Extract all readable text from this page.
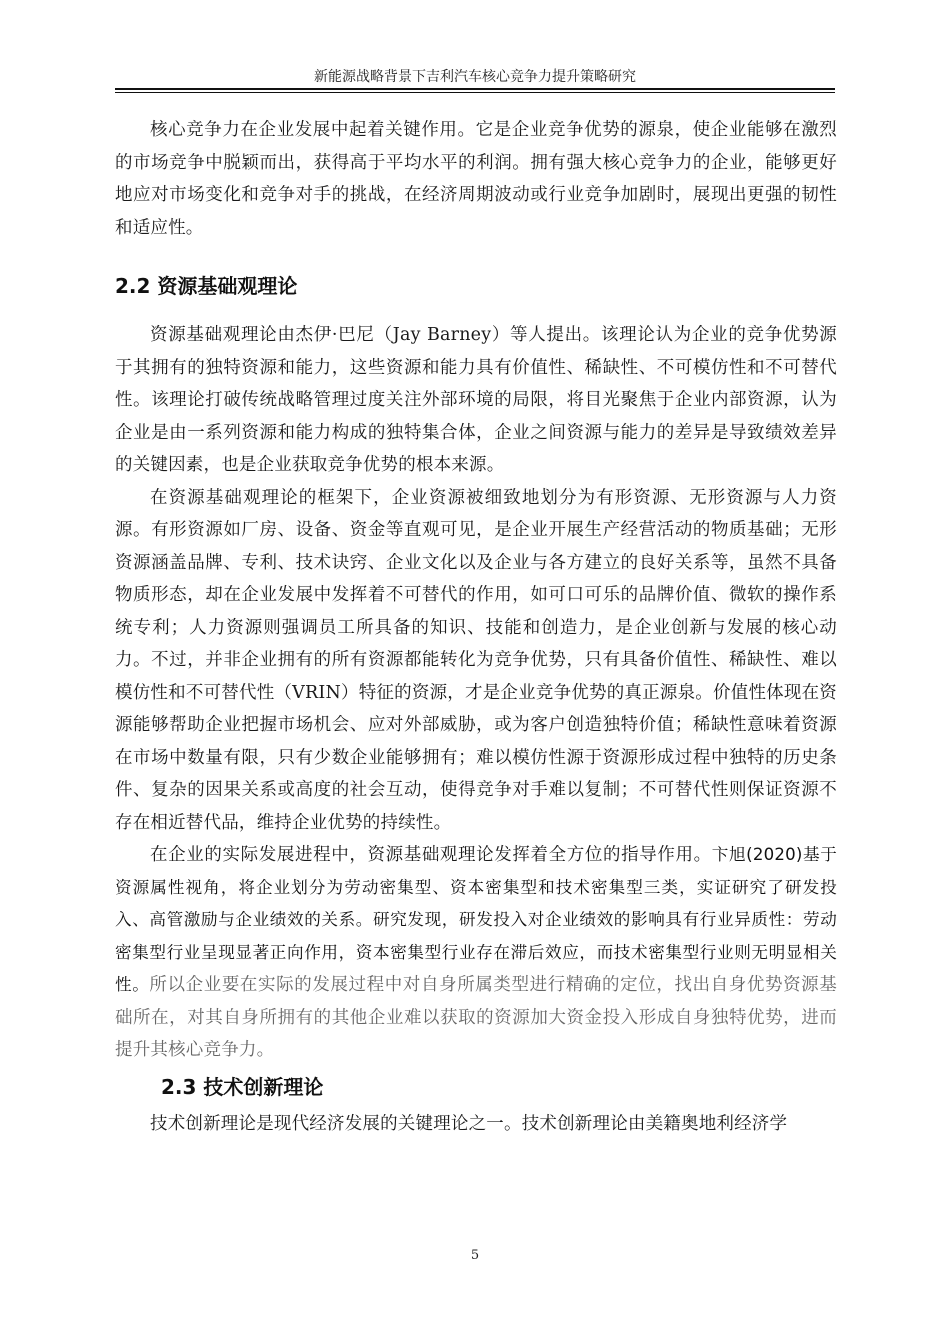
新能源战略背景下吉利汽车核心竞争力提升策略研究

核心竞争力在企业发展中起着关键作用。它是企业竞争优势的源泉，使企业能够在激烈的市场竞争中脱颖而出，获得高于平均水平的利润。拥有强大核心竞争力的企业，能够更好地应对市场变化和竞争对手的挑战，在经济周期波动或行业竞争加剧时，展现出更强的韧性和适应性。

2.2 资源基础观理论

资源基础观理论由杰伊·巴尼（Jay Barney）等人提出。该理论认为企业的竞争优势源于其拥有的独特资源和能力，这些资源和能力具有价值性、稀缺性、不可模仿性和不可替代性。该理论打破传统战略管理过度关注外部环境的局限，将目光聚焦于企业内部资源，认为企业是由一系列资源和能力构成的独特集合体，企业之间资源与能力的差异是导致绩效差异的关键因素，也是企业获取竞争优势的根本来源。

在资源基础观理论的框架下，企业资源被细致地划分为有形资源、无形资源与人力资源。有形资源如厂房、设备、资金等直观可见，是企业开展生产经营活动的物质基础；无形资源涵盖品牌、专利、技术诀窍、企业文化以及企业与各方建立的良好关系等，虽然不具备物质形态，却在企业发展中发挥着不可替代的作用，如可口可乐的品牌价值、微软的操作系统专利；人力资源则强调员工所具备的知识、技能和创造力，是企业创新与发展的核心动力。不过，并非企业拥有的所有资源都能转化为竞争优势，只有具备价值性、稀缺性、难以模仿性和不可替代性（VRIN）特征的资源，才是企业竞争优势的真正源泉。价值性体现在资源能够帮助企业把握市场机会、应对外部威胁，或为客户创造独特价值；稀缺性意味着资源在市场中数量有限，只有少数企业能够拥有；难以模仿性源于资源形成过程中独特的历史条件、复杂的因果关系或高度的社会互动，使得竞争对手难以复制；不可替代性则保证资源不存在相近替代品，维持企业优势的持续性。

在企业的实际发展进程中，资源基础观理论发挥着全方位的指导作用。卞旭(2020)基于资源属性视角，将企业划分为劳动密集型、资本密集型和技术密集型三类，实证研究了研发投入、高管激励与企业绩效的关系。研究发现，研发投入对企业绩效的影响具有行业异质性：劳动密集型行业呈现显著正向作用，资本密集型行业存在滞后效应，而技术密集型行业则无明显相关性。所以企业要在实际的发展过程中对自身所属类型进行精确的定位，找出自身优势资源基础所在，对其自身所拥有的其他企业难以获取的资源加大资金投入形成自身独特优势，进而提升其核心竞争力。

2.3 技术创新理论

技术创新理论是现代经济发展的关键理论之一。技术创新理论由美籍奥地利经济学

5
